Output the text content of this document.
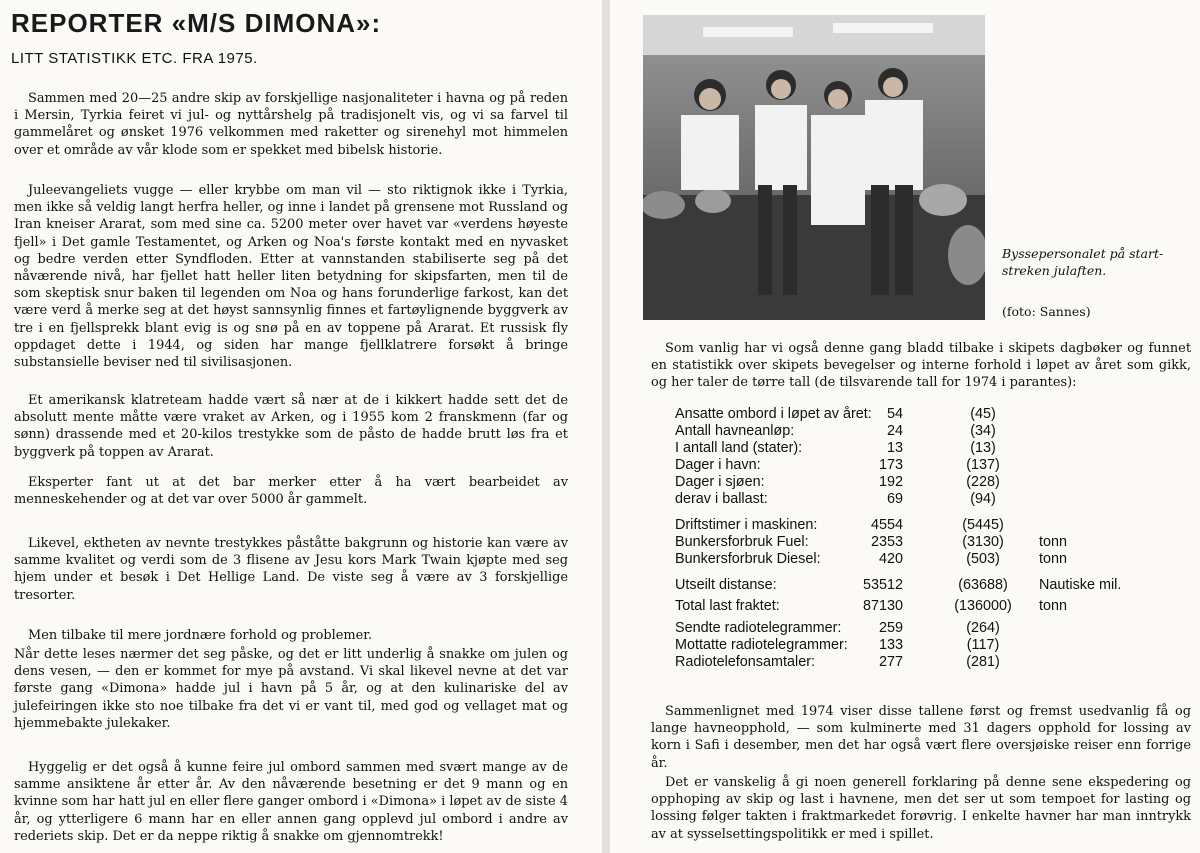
REPORTER «M/S DIMONA»:
LITT STATISTIKK ETC. FRA 1975.

Sammen med 20—25 andre skip av forskjellige nasjonaliteter i havna og på reden i Mersin, Tyrkia feiret vi jul- og nyttårshelg på tradisjonelt vis, og vi sa farvel til gammelåret og ønsket 1976 velkommen med raketter og sirenehyl mot himmelen over et område av vår klode som er spekket med bibelsk historie.

Juleevangeliets vugge — eller krybbe om man vil — sto riktignok ikke i Tyrkia, men ikke så veldig langt herfra heller, og inne i landet på grensene mot Russland og Iran kneiser Ararat, som med sine ca. 5200 meter over havet var «verdens høyeste fjell» i Det gamle Testamentet, og Arken og Noa's første kontakt med en nyvasket og bedre verden etter Syndfloden. Etter at vannstanden stabiliserte seg på det nåværende nivå, har fjellet hatt heller liten betydning for skipsfarten, men til de som skeptisk snur baken til legenden om Noa og hans forunderlige farkost, kan det være verd å merke seg at det høyst sannsynlig finnes et fartøylignende byggverk av tre i en fjellsprekk blant evig is og snø på en av toppene på Ararat. Et russisk fly oppdaget dette i 1944, og siden har mange fjellklatrere forsøkt å bringe substansielle beviser ned til sivilisasjonen.

Et amerikansk klatreteam hadde vært så nær at de i kikkert hadde sett det de absolutt mente måtte være vraket av Arken, og i 1955 kom 2 franskmenn (far og sønn) drassende med et 20-kilos trestykke som de påsto de hadde brutt løs fra et byggverk på toppen av Ararat.

Eksperter fant ut at det bar merker etter å ha vært bearbeidet av menneskehender og at det var over 5000 år gammelt.

Likevel, ektheten av nevnte trestykkes påståtte bakgrunn og historie kan være av samme kvalitet og verdi som de 3 flisene av Jesu kors Mark Twain kjøpte med seg hjem under et besøk i Det Hellige Land. De viste seg å være av 3 forskjellige tresorter.

Men tilbake til mere jordnære forhold og problemer.

Når dette leses nærmer det seg påske, og det er litt underlig å snakke om julen og dens vesen, — den er kommet for mye på avstand. Vi skal likevel nevne at det var første gang «Dimona» hadde jul i havn på 5 år, og at den kulinariske del av julefeiringen ikke sto noe tilbake fra det vi er vant til, med god og vellaget mat og hjemmebakte julekaker.

Hyggelig er det også å kunne feire jul ombord sammen med svært mange av de samme ansiktene år etter år. Av den nåværende besetning er det 9 mann og en kvinne som har hatt jul en eller flere ganger ombord i «Dimona» i løpet av de siste 4 år, og ytterligere 6 mann har en eller annen gang opplevd jul ombord i andre av rederiets skip. Det er da neppe riktig å snakke om gjennomtrekk!

Byssepersonalet på start-streken julaften.

(foto: Sannes)

Som vanlig har vi også denne gang bladd tilbake i skipets dagbøker og funnet en statistikk over skipets bevegelser og interne forhold i løpet av året som gikk, og her taler de tørre tall (de tilsvarende tall for 1974 i parantes):

Ansatte ombord i løpet av året: 54	(45)
Antall havneanløp:	24	(34)
I antall land (stater):	13	(13)
Dager i havn:	173	(137)
Dager i sjøen:	192	(228)
derav i ballast:	69	(94)
Driftstimer i maskinen:	4554	(5445)
Bunkersforbruk Fuel:	2353	(3130)	tonn
Bunkersforbruk Diesel:	420	(503)	tonn
Utseilt distanse:	53512	(63688)	Nautiske mil.
Total last fraktet:	87130	(136000)	tonn
Sendte radiotelegrammer:	259	(264)
Mottatte radiotelegrammer: 133	(117)
Radiotelefonsamtaler:	277	(281)

Sammenlignet med 1974 viser disse tallene først og fremst usedvanlig få og lange havneopphold, — som kulminerte med 31 dagers opphold for lossing av korn i Safi i desember, men det har også vært flere oversjøiske reiser enn forrige år.

Det er vanskelig å gi noen generell forklaring på denne sene ekspedering og opphoping av skip og last i havnene, men det ser ut som tempoet for lasting og lossing følger takten i fraktmarkedet forøvrig. I enkelte havner har man inntrykk av at sysselsettingspolitikk er med i spillet.
